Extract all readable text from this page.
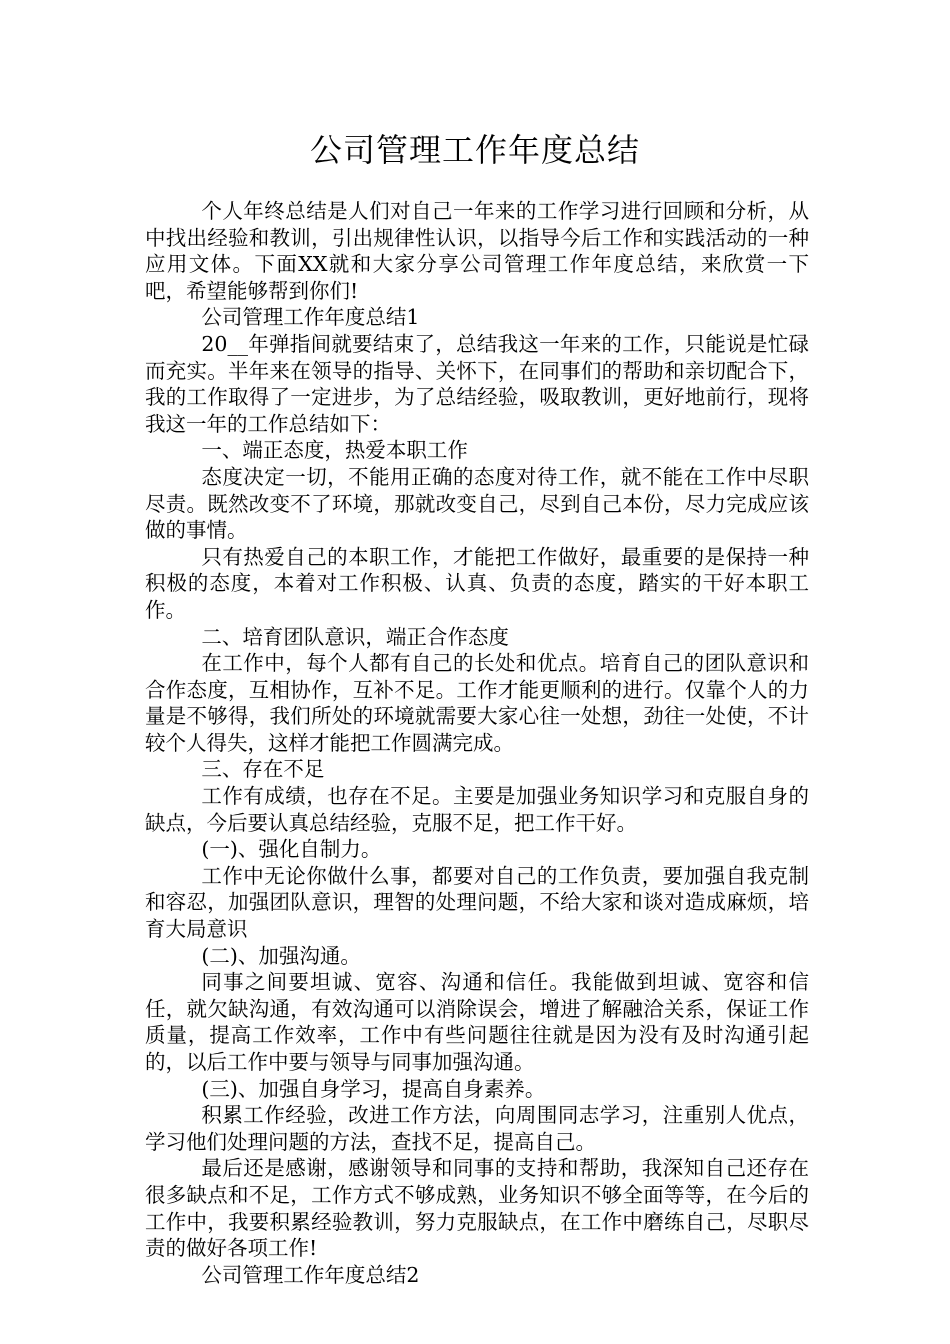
公司管理工作年度总结

个人年终总结是人们对自己一年来的工作学习进行回顾和分析，从中找出经验和教训，引出规律性认识，以指导今后工作和实践活动的一种应用文体。下面XX就和大家分享公司管理工作年度总结，来欣赏一下吧，希望能够帮到你们!

公司管理工作年度总结1

20__年弹指间就要结束了，总结我这一年来的工作，只能说是忙碌而充实。半年来在领导的指导、关怀下，在同事们的帮助和亲切配合下，我的工作取得了一定进步，为了总结经验，吸取教训，更好地前行，现将我这一年的工作总结如下：

一、端正态度，热爱本职工作

态度决定一切，不能用正确的态度对待工作，就不能在工作中尽职尽责。既然改变不了环境，那就改变自己，尽到自己本份，尽力完成应该做的事情。

只有热爱自己的本职工作，才能把工作做好，最重要的是保持一种积极的态度，本着对工作积极、认真、负责的态度，踏实的干好本职工作。

二、培育团队意识，端正合作态度

在工作中，每个人都有自己的长处和优点。培育自己的团队意识和合作态度，互相协作，互补不足。工作才能更顺利的进行。仅靠个人的力量是不够得，我们所处的环境就需要大家心往一处想，劲往一处使，不计较个人得失，这样才能把工作圆满完成。

三、存在不足

工作有成绩，也存在不足。主要是加强业务知识学习和克服自身的缺点，今后要认真总结经验，克服不足，把工作干好。

(一)、强化自制力。

工作中无论你做什么事，都要对自己的工作负责，要加强自我克制和容忍，加强团队意识，理智的处理问题，不给大家和谈对造成麻烦，培育大局意识

(二)、加强沟通。

同事之间要坦诚、宽容、沟通和信任。我能做到坦诚、宽容和信任，就欠缺沟通，有效沟通可以消除误会，增进了解融洽关系，保证工作质量，提高工作效率，工作中有些问题往往就是因为没有及时沟通引起的，以后工作中要与领导与同事加强沟通。

(三)、加强自身学习，提高自身素养。

积累工作经验，改进工作方法，向周围同志学习，注重别人优点，学习他们处理问题的方法，查找不足，提高自己。

最后还是感谢，感谢领导和同事的支持和帮助，我深知自己还存在很多缺点和不足，工作方式不够成熟，业务知识不够全面等等，在今后的工作中，我要积累经验教训，努力克服缺点，在工作中磨练自己，尽职尽责的做好各项工作!

公司管理工作年度总结2
